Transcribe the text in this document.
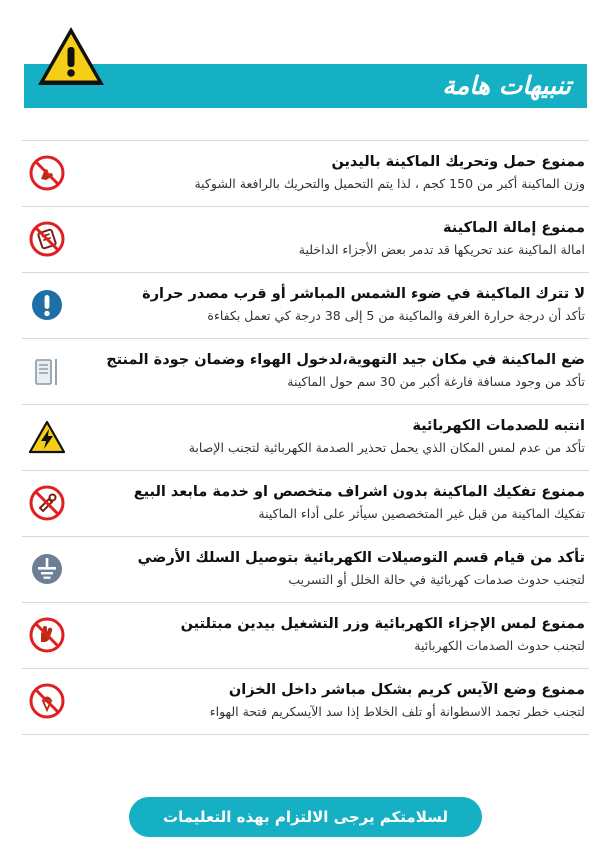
تنبيهات هامة
ممنوع حمل وتحريك الماكينة باليدين
وزن الماكينة أكبر من 150 كجم ، لذا يتم التحميل والتحريك بالرافعة الشوكية
ممنوع إمالة الماكينة
امالة الماكينة عند تحريكها قد تدمر بعض الأجزاء الداخلية
لا تترك الماكينة في ضوء الشمس المباشر أو قرب مصدر حرارة
تأكد أن درجة حرارة الغرفة والماكينة من 5 إلى 38 درجة كي تعمل بكفاءة
ضع الماكينة في مكان جيد التهوية،لدخول الهواء وضمان جودة المنتج
تأكد من وجود مسافة فارغة أكبر من 30 سم حول الماكينة
انتبه للصدمات الكهربائية
تأكد من عدم لمس المكان الذي يحمل تحذير الصدمة الكهربائية لتجنب الإصابة
ممنوع تفكيك الماكينة بدون اشراف متخصص او خدمة مابعد البيع
تفكيك الماكينة من قبل غير المتخصصين سيأثر على أداء الماكينة
تأكد من قيام قسم التوصيلات الكهربائية بتوصيل السلك الأرضي
لتجنب حدوث صدمات كهربائية في حالة الخلل أو التسريب
ممنوع لمس الإجزاء الكهربائية وزر التشغيل بيدين مبتلتين
لتجنب حدوث الصدمات الكهربائية
ممنوع وضع الآيس كريم بشكل مباشر داخل الخزان
لتجنب خطر تجمد الاسطوانة أو تلف الخلاط إذا سد الآيسكريم فتحة الهواء
لسلامتكم يرجى الالتزام بهذه التعليمات
